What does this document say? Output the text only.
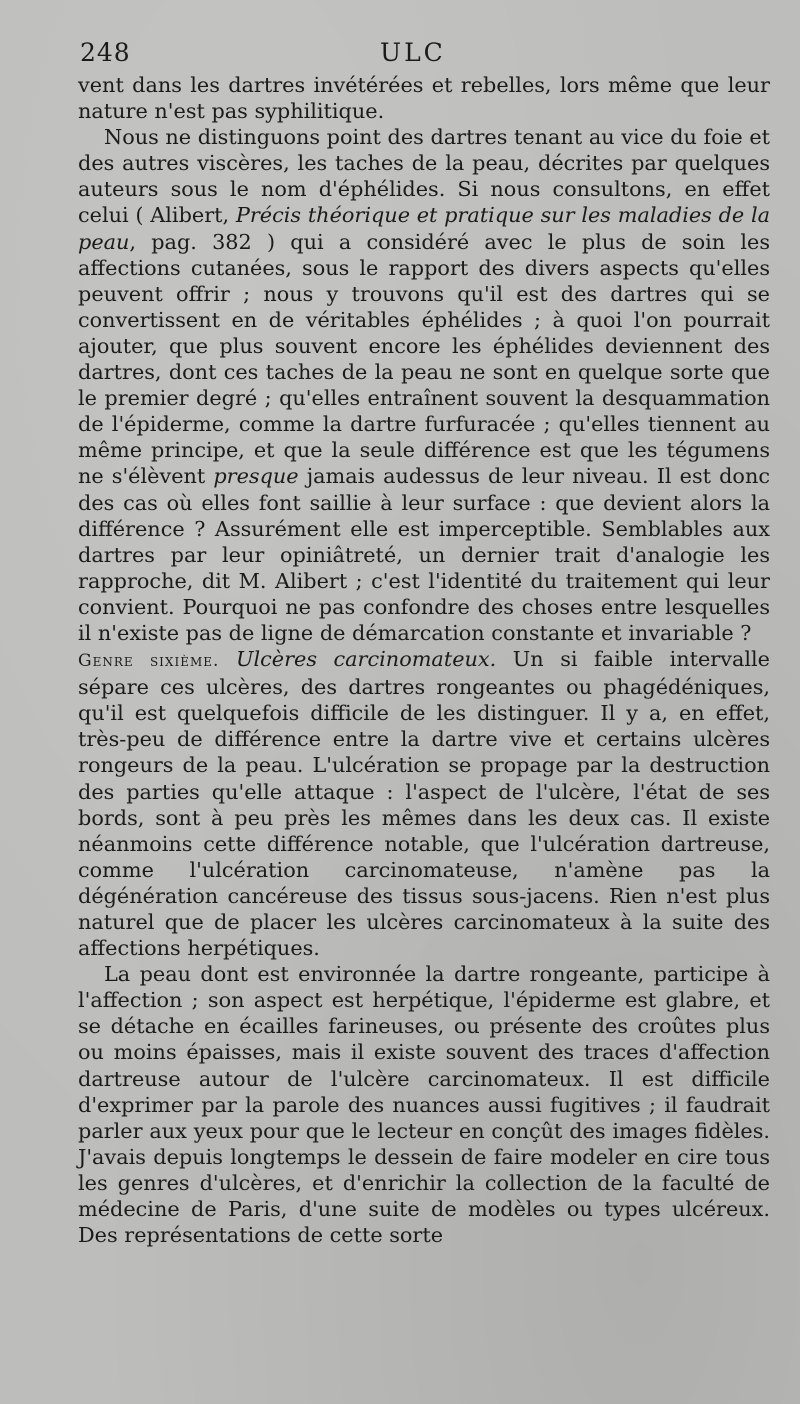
248	ULC

vent dans les dartres invétérées et rebelles, lors même que leur nature n'est pas syphilitique.

Nous ne distinguons point des dartres tenant au vice du foie et des autres viscères, les taches de la peau, décrites par quelques auteurs sous le nom d'éphélides. Si nous consultons, en effet celui ( Alibert, Précis théorique et pratique sur les maladies de la peau, pag. 382 ) qui a considéré avec le plus de soin les affections cutanées, sous le rapport des divers aspects qu'elles peuvent offrir ; nous y trouvons qu'il est des dartres qui se convertissent en de véritables éphélides ; à quoi l'on pourrait ajouter, que plus souvent encore les éphélides deviennent des dartres, dont ces taches de la peau ne sont en quelque sorte que le premier degré ; qu'elles entraînent souvent la desquammation de l'épiderme, comme la dartre furfuracée ; qu'elles tiennent au même principe, et que la seule différence est que les tégumens ne s'élèvent presque jamais audessus de leur niveau. Il est donc des cas où elles font saillie à leur surface : que devient alors la différence ? Assurément elle est imperceptible. Semblables aux dartres par leur opiniâtreté, un dernier trait d'analogie les rapproche, dit M. Alibert ; c'est l'identité du traitement qui leur convient. Pourquoi ne pas confondre des choses entre lesquelles il n'existe pas de ligne de démarcation constante et invariable ?

Genre sixième. Ulcères carcinomateux. Un si faible intervalle sépare ces ulcères, des dartres rongeantes ou phagédéniques, qu'il est quelquefois difficile de les distinguer. Il y a, en effet, très-peu de différence entre la dartre vive et certains ulcères rongeurs de la peau. L'ulcération se propage par la destruction des parties qu'elle attaque : l'aspect de l'ulcère, l'état de ses bords, sont à peu près les mêmes dans les deux cas. Il existe néanmoins cette différence notable, que l'ulcération dartreuse, comme l'ulcération carcinomateuse, n'amène pas la dégénération cancéreuse des tissus sous-jacens. Rien n'est plus naturel que de placer les ulcères carcinomateux à la suite des affections herpétiques.

La peau dont est environnée la dartre rongeante, participe à l'affection ; son aspect est herpétique, l'épiderme est glabre, et se détache en écailles farineuses, ou présente des croûtes plus ou moins épaisses, mais il existe souvent des traces d'affection dartreuse autour de l'ulcère carcinomateux. Il est difficile d'exprimer par la parole des nuances aussi fugitives ; il faudrait parler aux yeux pour que le lecteur en conçût des images fidèles. J'avais depuis longtemps le dessein de faire modeler en cire tous les genres d'ulcères, et d'enrichir la collection de la faculté de médecine de Paris, d'une suite de modèles ou types ulcéreux. Des représentations de cette sorte
